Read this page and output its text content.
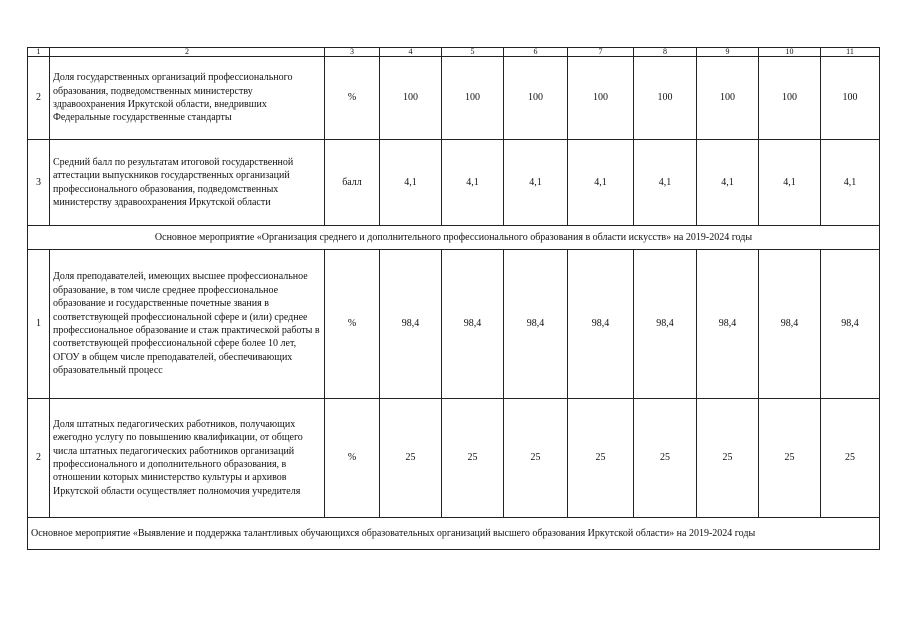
1	2	3	4	5	6	7	8	9	10	11
2	Доля государственных организаций профессионального образования, подведомственных министерству здравоохранения Иркутской области, внедривших Федеральные государственные стандарты	%	100	100	100	100	100	100	100	100
3	Средний балл по результатам итоговой государственной аттестации выпускников государственных организаций профессионального образования, подведомственных министерству здравоохранения Иркутской области	балл	4,1	4,1	4,1	4,1	4,1	4,1	4,1	4,1
Основное мероприятие «Организация среднего и дополнительного профессионального образования в области искусств» на 2019-2024 годы										
1	Доля преподавателей, имеющих высшее профессиональное образование, в том числе среднее профессиональное образование и государственные почетные звания в соответствующей профессиональной сфере и (или) среднее профессиональное образование и стаж практической работы в соответствующей профессиональной сфере более 10 лет, ОГОУ в общем числе преподавателей, обеспечивающих образовательный процесс	%	98,4	98,4	98,4	98,4	98,4	98,4	98,4	98,4
2	Доля штатных педагогических работников, получающих ежегодно услугу по повышению квалификации, от общего числа штатных педагогических работников организаций профессионального и дополнительного образования, в отношении которых министерство культуры и архивов Иркутской области осуществляет полномочия учредителя	%	25	25	25	25	25	25	25	25
Основное мероприятие «Выявление и поддержка талантливых обучающихся образовательных организаций высшего образования Иркутской области» на 2019-2024 годы										
